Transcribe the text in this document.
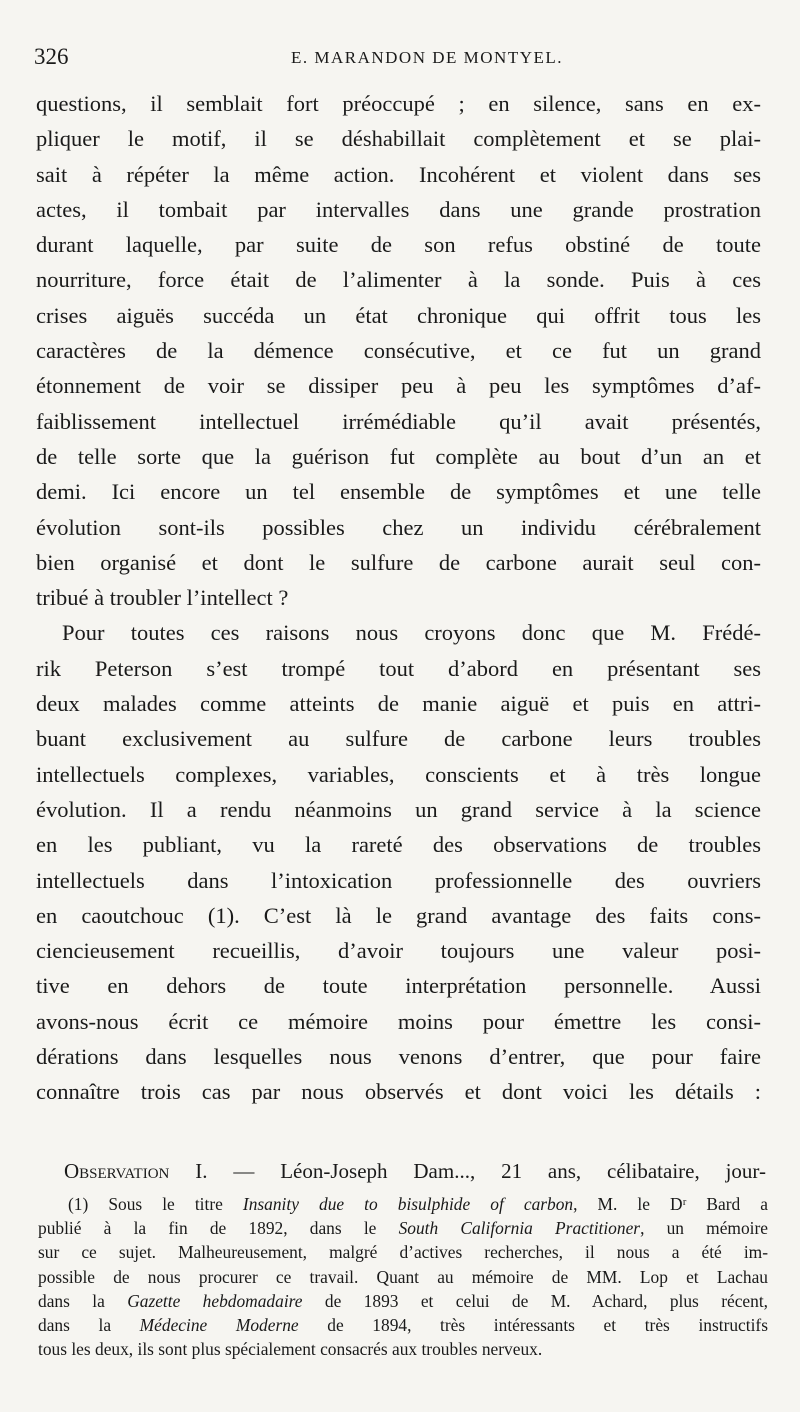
326	E. MARANDON DE MONTYEL.
questions, il semblait fort préoccupé ; en silence, sans en ex-
pliquer le motif, il se déshabillait complètement et se plai-
sait à répéter la même action. Incohérent et violent dans ses
actes, il tombait par intervalles dans une grande prostration
durant laquelle, par suite de son refus obstiné de toute
nourriture, force était de l’alimenter à la sonde. Puis à ces
crises aiguës succéda un état chronique qui offrit tous les
caractères de la démence consécutive, et ce fut un grand
étonnement de voir se dissiper peu à peu les symptômes d’af-
faiblissement intellectuel irrémédiable qu’il avait présentés,
de telle sorte que la guérison fut complète au bout d’un an et
demi. Ici encore un tel ensemble de symptômes et une telle
évolution sont-ils possibles chez un individu cérébralement
bien organisé et dont le sulfure de carbone aurait seul con-
tribué à troubler l’intellect ?
Pour toutes ces raisons nous croyons donc que M. Frédé-
rik Peterson s’est trompé tout d’abord en présentant ses
deux malades comme atteints de manie aiguë et puis en attri-
buant exclusivement au sulfure de carbone leurs troubles
intellectuels complexes, variables, conscients et à très longue
évolution. Il a rendu néanmoins un grand service à la science
en les publiant, vu la rareté des observations de troubles
intellectuels dans l’intoxication professionnelle des ouvriers
en caoutchouc (1). C’est là le grand avantage des faits cons-
ciencieusement recueillis, d’avoir toujours une valeur posi-
tive en dehors de toute interprétation personnelle. Aussi
avons-nous écrit ce mémoire moins pour émettre les consi-
dérations dans lesquelles nous venons d’entrer, que pour faire
connaître trois cas par nous observés et dont voici les détails :
Observation I. — Léon-Joseph Dam..., 21 ans, célibataire, jour-
(1) Sous le titre Insanity due to bisulphide of carbon, M. le Dʳ Bard a
publié à la fin de 1892, dans le South California Practitioner, un mémoire
sur ce sujet. Malheureusement, malgré d’actives recherches, il nous a été im-
possible de nous procurer ce travail. Quant au mémoire de MM. Lop et Lachau
dans la Gazette hebdomadaire de 1893 et celui de M. Achard, plus récent,
dans la Médecine Moderne de 1894, très intéressants et très instructifs
tous les deux, ils sont plus spécialement consacrés aux troubles nerveux.
